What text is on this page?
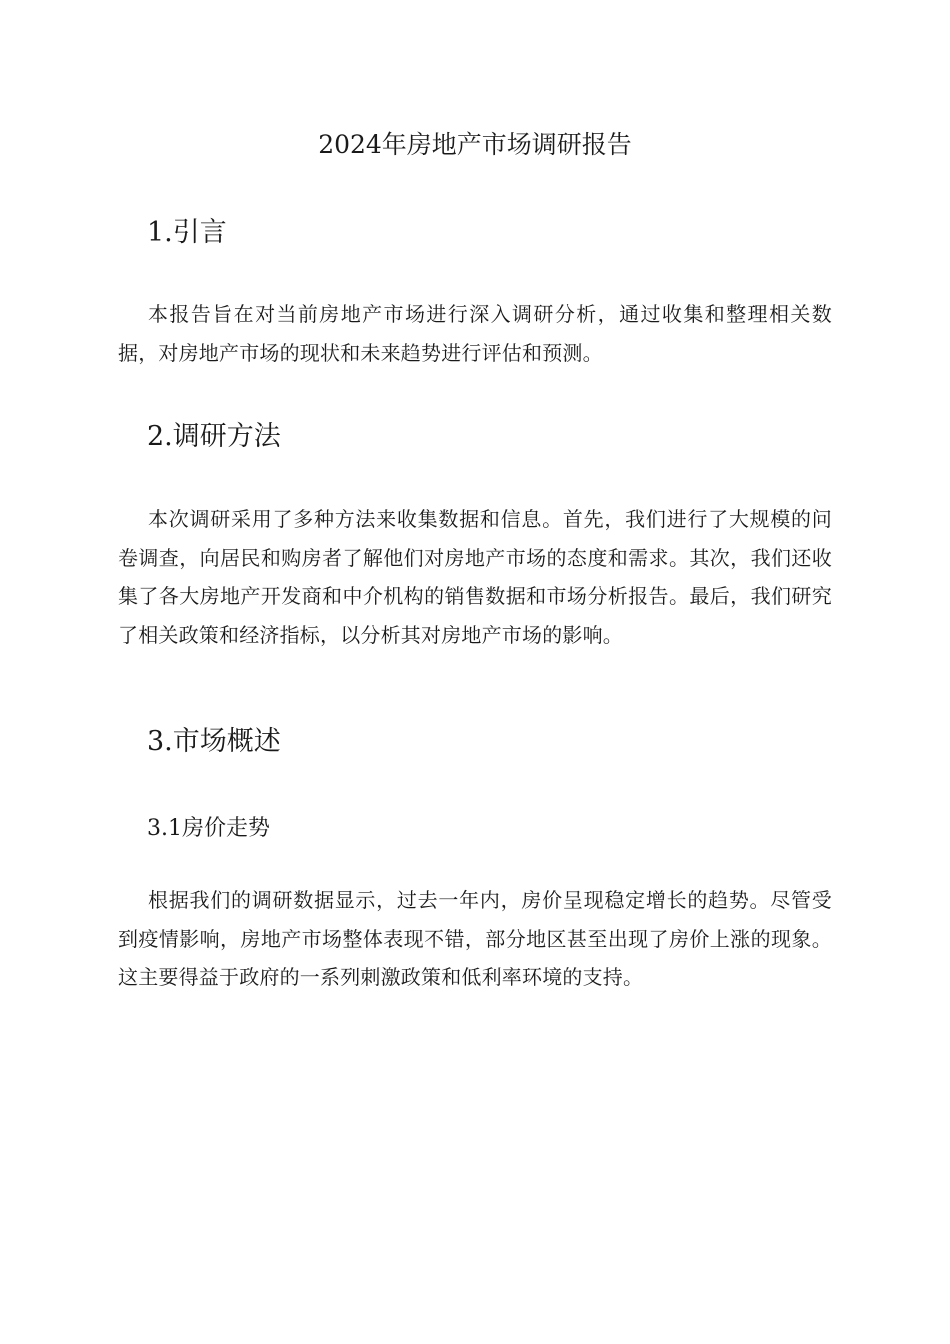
2024年房地产市场调研报告
1.引言

本报告旨在对当前房地产市场进行深入调研分析，通过收集和整理相关数据，对房地产市场的现状和未来趋势进行评估和预测。

2.调研方法

本次调研采用了多种方法来收集数据和信息。首先，我们进行了大规模的问卷调查，向居民和购房者了解他们对房地产市场的态度和需求。其次，我们还收集了各大房地产开发商和中介机构的销售数据和市场分析报告。最后，我们研究了相关政策和经济指标，以分析其对房地产市场的影响。

3.市场概述
3.1房价走势

根据我们的调研数据显示，过去一年内，房价呈现稳定增长的趋势。尽管受到疫情影响，房地产市场整体表现不错，部分地区甚至出现了房价上涨的现象。这主要得益于政府的一系列刺激政策和低利率环境的支持。
